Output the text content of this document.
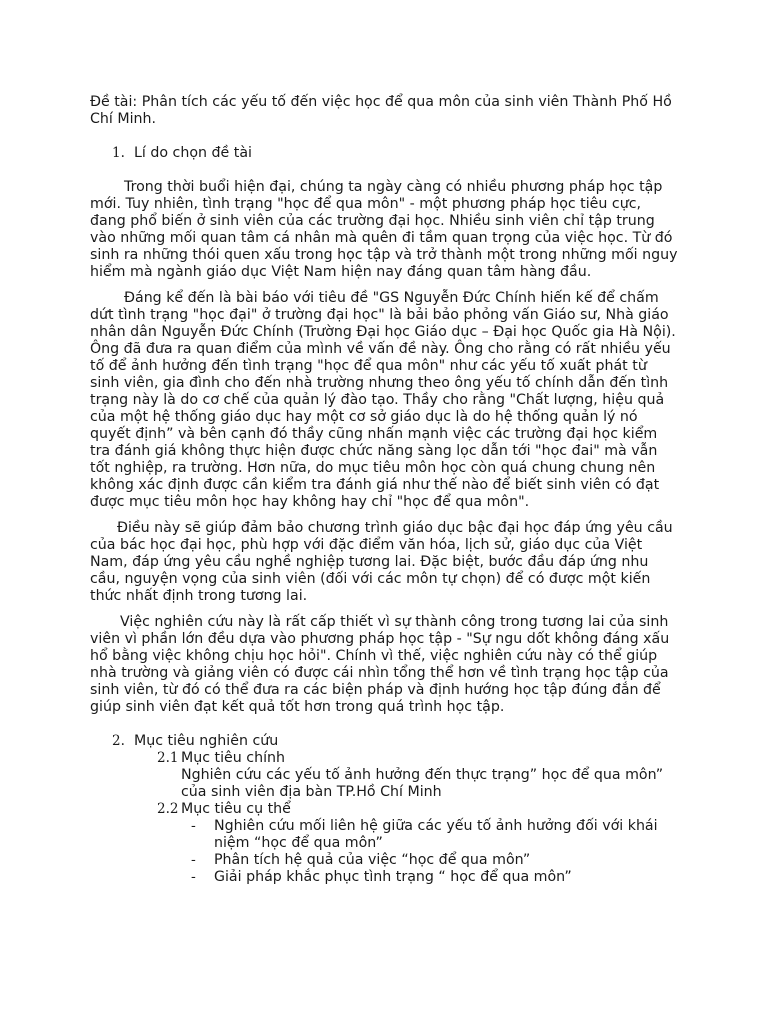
Đề tài: Phân tích các yếu tố đến việc học để qua môn của sinh viên Thành Phố Hồ Chí Minh.
1. Lí do chọn đề tài
Trong thời buổi hiện đại, chúng ta ngày càng có nhiều phương pháp học tập mới. Tuy nhiên, tình trạng "học để qua môn" - một phương pháp học tiêu cực, đang phổ biến ở sinh viên của các trường đại học. Nhiều sinh viên chỉ tập trung vào những mối quan tâm cá nhân mà quên đi tầm quan trọng của việc học. Từ đó sinh ra những thói quen xấu trong học tập và trở thành một trong những mối nguy hiểm mà ngành giáo dục Việt Nam hiện nay đáng quan tâm hàng đầu.
Đáng kể đến là bài báo với tiêu đề "GS Nguyễn Đức Chính hiến kế để chấm dứt tình trạng "học đại" ở trường đại học" là bải bảo phỏng vấn Giáo sư, Nhà giáo nhân dân Nguyễn Đức Chính (Trường Đại học Giáo dục – Đại học Quốc gia Hà Nội). Ông đã đưa ra quan điểm của mình về vấn đề này. Ông cho rằng có rất nhiều yếu tố để ảnh hưởng đến tình trạng "học để qua môn" như các yếu tố xuất phát từ sinh viên, gia đình cho đến nhà trường nhưng theo ông yếu tố chính dẫn đến tình trạng này là do cơ chế của quản lý đào tạo. Thầy cho rằng "Chất lượng, hiệu quả của một hệ thống giáo dục hay một cơ sở giáo dục là do hệ thống quản lý nó quyết định” và bên cạnh đó thầy cũng nhấn mạnh việc các trường đại học kiểm tra đánh giá không thực hiện được chức năng sàng lọc dẫn tới "học đai" mà vẫn tốt nghiệp, ra trường. Hơn nữa, do mục tiêu môn học còn quá chung chung nên không xác định được cần kiểm tra đánh giá như thế nào để biết sinh viên có đạt được mục tiêu môn học hay không hay chỉ "học để qua môn".
Điều này sẽ giúp đảm bảo chương trình giáo dục bậc đại học đáp ứng yêu cầu của bác học đại học, phù hợp với đặc điểm văn hóa, lịch sử, giáo dục của Việt Nam, đáp ứng yêu cầu nghề nghiệp tương lai. Đặc biệt, bước đầu đáp ứng nhu cầu, nguyện vọng của sinh viên (đối với các môn tự chọn) để có được một kiến thức nhất định trong tương lai.
Việc nghiên cứu này là rất cấp thiết vì sự thành công trong tương lai của sinh viên vì phần lớn đều dựa vào phương pháp học tập - "Sự ngu dốt không đáng xấu hổ bằng việc không chịu học hỏi". Chính vì thế, việc nghiên cứu này có thể giúp nhà trường và giảng viên có được cái nhìn tổng thể hơn về tình trạng học tập của sinh viên, từ đó có thể đưa ra các biện pháp và định hướng học tập đúng đắn để giúp sinh viên đạt kết quả tốt hơn trong quá trình học tập.
2. Mục tiêu nghiên cứu
2.1 Mục tiêu chính
Nghiên cứu các yếu tố ảnh hưởng đến thực trạng” học để qua môn” của sinh viên địa bàn TP.Hồ Chí Minh
2.2 Mục tiêu cụ thể
-	Nghiên cứu mối liên hệ giữa các yếu tố ảnh hưởng đối với khái niệm “học để qua môn”
-	Phân tích hệ quả của việc “học để qua môn”
-	Giải pháp khắc phục tình trạng “ học để qua môn”
